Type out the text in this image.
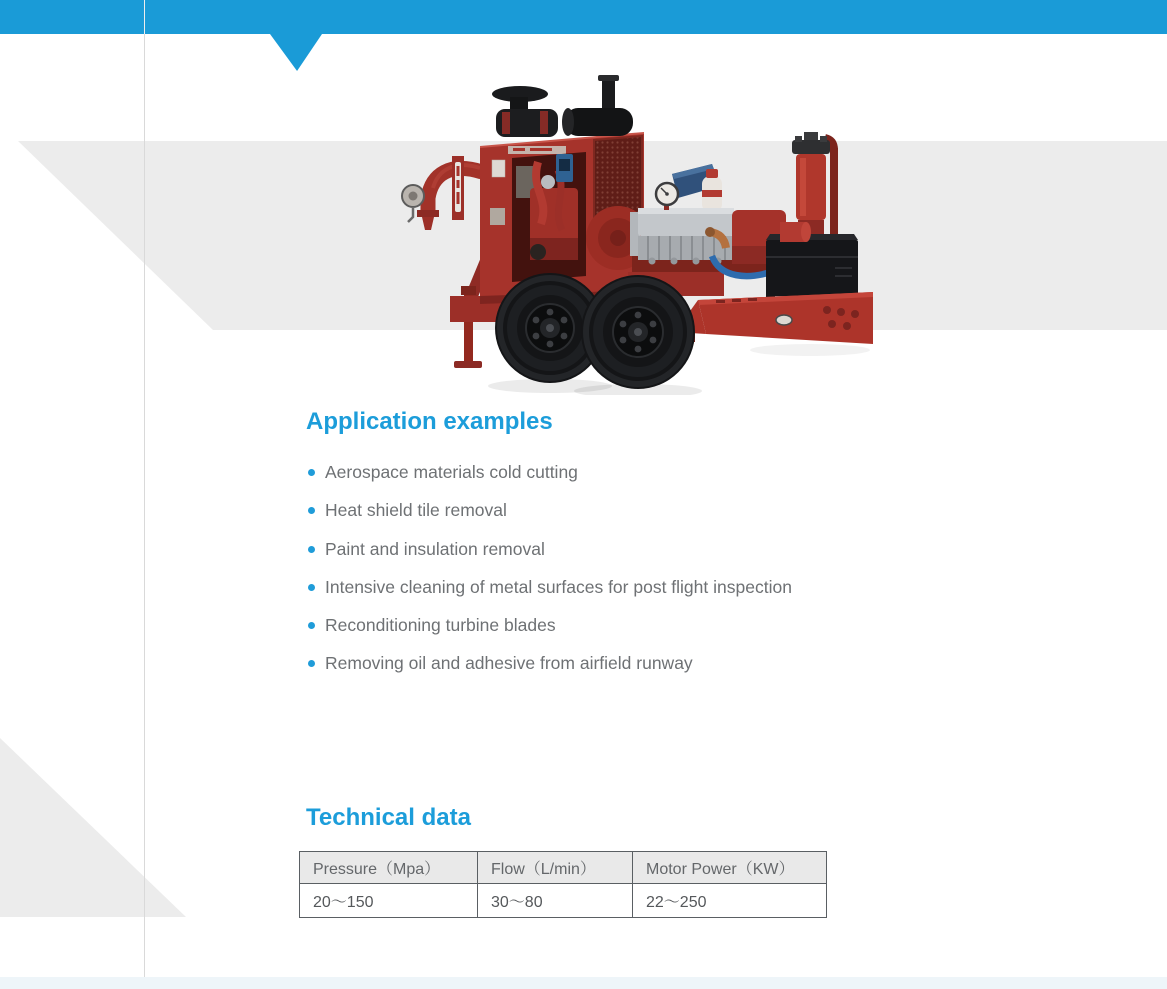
Application examples
Aerospace materials cold cutting
Heat shield tile removal
Paint and insulation removal
Intensive cleaning of metal surfaces for post flight inspection
Reconditioning turbine blades
Removing oil and adhesive from airfield runway
Technical data
Pressure（Mpa）	Flow（L/min）	Motor Power（KW）
20～150	30～80	22～250
